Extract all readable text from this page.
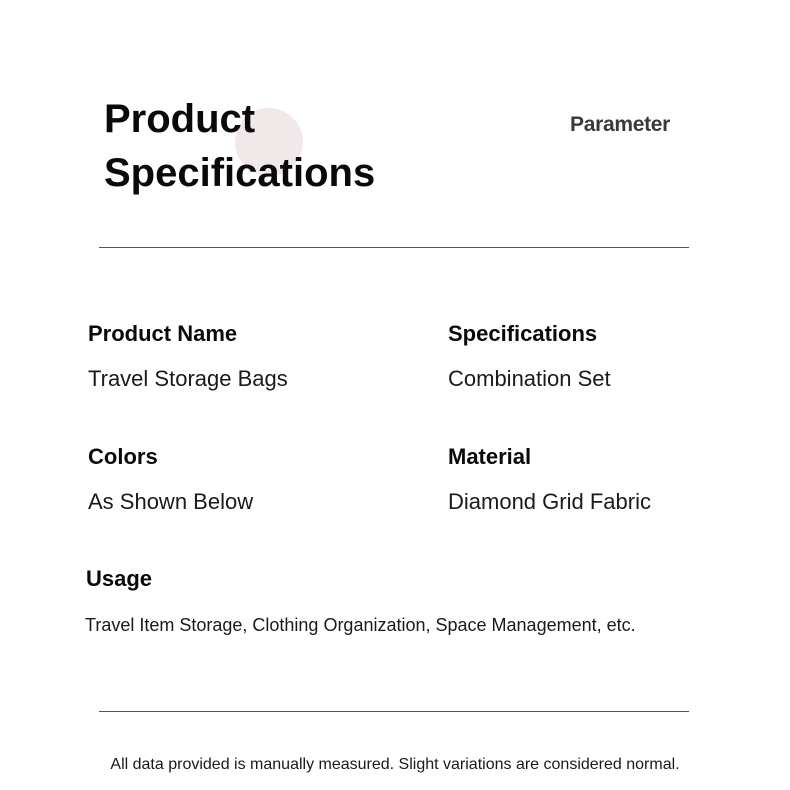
Product
Specifications
Parameter
Product Name
Travel Storage Bags
Specifications
Combination Set
Colors
As Shown Below
Material
Diamond Grid Fabric
Usage
Travel Item Storage, Clothing Organization, Space Management, etc.
All data provided is manually measured. Slight variations are considered normal.
